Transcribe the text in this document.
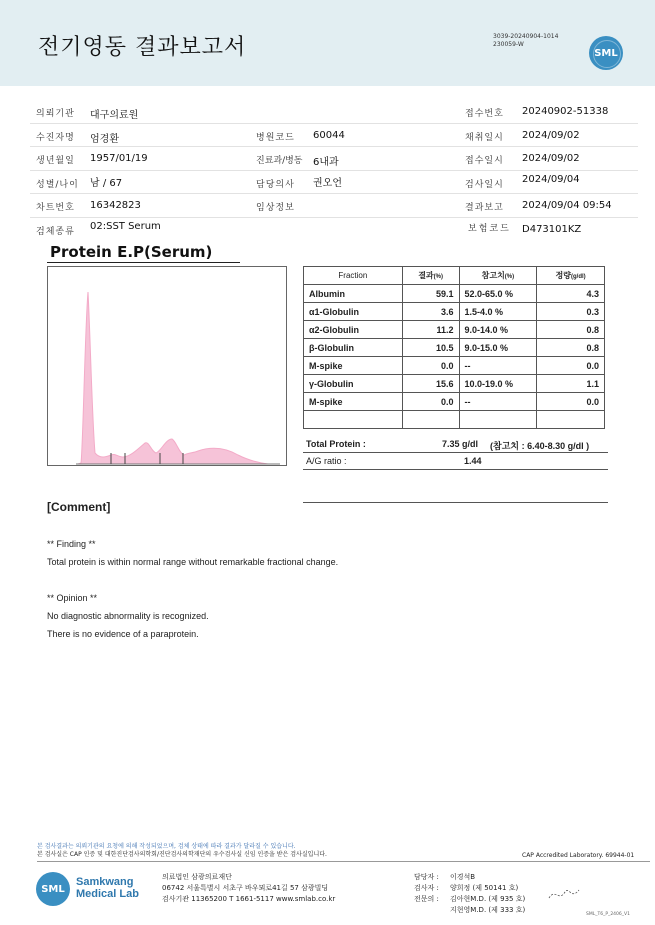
전기영동 결과보고서	3039-20240904-1014
230059-W
SML
의뢰기관 대구의료원	접수번호 20240902-51338
수진자명 엄경환	병원코드 60044	채취일시 2024/09/02
생년월일 1957/01/19	진료과/병동 6내과	접수일시 2024/09/02
성별/나이 남 / 67	담당의사 권오언	검사일시 2024/09/04
차트번호 16342823	임상정보	결과보고 2024/09/04 09:54
검체종류 02:SST Serum	보험코드 D473101KZ
Protein E.P(Serum)
Fraction	결과(%)	참고치(%)	정량(g/dl)
Albumin	59.1	52.0-65.0 %	4.3
α1-Globulin	3.6	1.5-4.0 %	0.3
α2-Globulin	11.2	9.0-14.0 %	0.8
β-Globulin	10.5	9.0-15.0 %	0.8
M-spike	0.0	--	0.0
γ-Globulin	15.6	10.0-19.0 %	1.1
M-spike	0.0	--	0.0

Total Protein :	7.35 g/dl (참고치 : 6.40-8.30 g/dl )
A/G ratio :	1.44
[Comment]
** Finding **
Total protein is within normal range without remarkable fractional change.
** Opinion **
No diagnostic abnormality is recognized.
There is no evidence of a paraprotein.
본 검사결과는 의뢰기관의 요청에 의해 작성되었으며, 검체 상태에 따라 결과가 달라질 수 있습니다.
본 검사실은 CAP 인증 및 대한진단검사의학회/진단검사의학재단의 우수검사실 신임 인증을 받은 검사실입니다.	CAP Accredited Laboratory. 69944-01
SML
Samkwang
Medical Lab
의료법인 삼광의료재단
06742 서울특별시 서초구 바우뫼로41길 57 삼광빌딩
검사기관 11365200 T 1661-5117 www.smlab.co.kr
담당자 :	이경석B
검사자 :	양희정 (제 50141 호)
전문의 :	김아현M.D. (제 935 호)
지현영M.D. (제 333 호)
SML_T6_P_2406_V1
